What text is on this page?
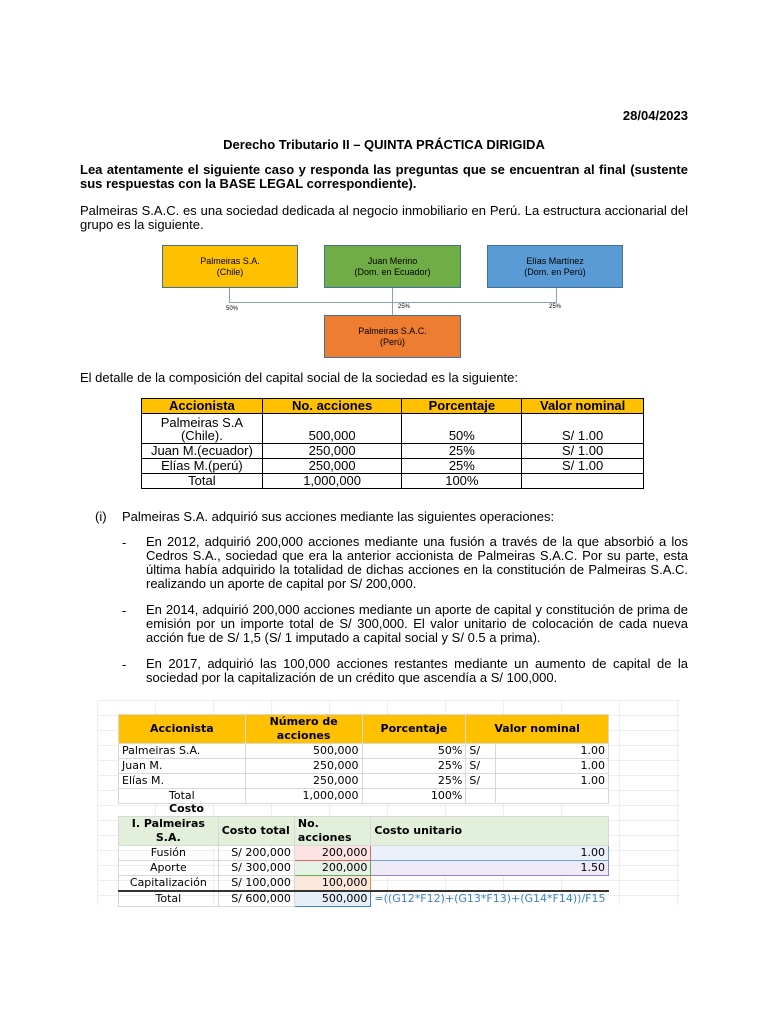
28/04/2023
Derecho Tributario II – QUINTA PRÁCTICA DIRIGIDA
Lea atentamente el siguiente caso y responda las preguntas que se encuentran al final (sustente sus respuestas con la BASE LEGAL correspondiente).
Palmeiras S.A.C. es una sociedad dedicada al negocio inmobiliario en Perú. La estructura accionarial del grupo es la siguiente.
Palmeiras S.A.
(Chile)
Juan Merino
(Dom. en Ecuador)
Elías Martínez
(Dom. en Perú)
Palmeiras S.A.C.
(Perú)
50%	25%	25%
El detalle de la composición del capital social de la sociedad es la siguiente:
Accionista	No. acciones	Porcentaje	Valor nominal
Palmeiras S.A (Chile).	500,000	50%	S/ 1.00
Juan M.(ecuador)	250,000	25%	S/ 1.00
Elías M.(perú)	250,000	25%	S/ 1.00
Total	1,000,000	100%	
(i) Palmeiras S.A. adquirió sus acciones mediante las siguientes operaciones:
- En 2012, adquirió 200,000 acciones mediante una fusión a través de la que absorbió a los Cedros S.A., sociedad que era la anterior accionista de Palmeiras S.A.C. Por su parte, esta última había adquirido la totalidad de dichas acciones en la constitución de Palmeiras S.A.C. realizando un aporte de capital por S/ 200,000.
- En 2014, adquirió 200,000 acciones mediante un aporte de capital y constitución de prima de emisión por un importe total de S/ 300,000. El valor unitario de colocación de cada nueva acción fue de S/ 1,5 (S/ 1 imputado a capital social y S/ 0.5 a prima).
- En 2017, adquirió las 100,000 acciones restantes mediante un aumento de capital de la sociedad por la capitalización de un crédito que ascendía a S/ 100,000.
Accionista	Número de acciones	Porcentaje	Valor nominal	
Palmeiras S.A.	500,000	50%	S/	1.00
Juan M.	250,000	25%	S/	1.00
Elías M.	250,000	25%	S/	1.00
Total	1,000,000	100%		
Costo
I. Palmeiras S.A.	Costo total	No. acciones	Costo unitario
Fusión	S/ 200,000	200,000	1.00
Aporte	S/ 300,000	200,000	1.50
Capitalización	S/ 100,000	100,000	
Total	S/ 600,000	500,000	=((G12*F12)+(G13*F13)+(G14*F14))/F15
